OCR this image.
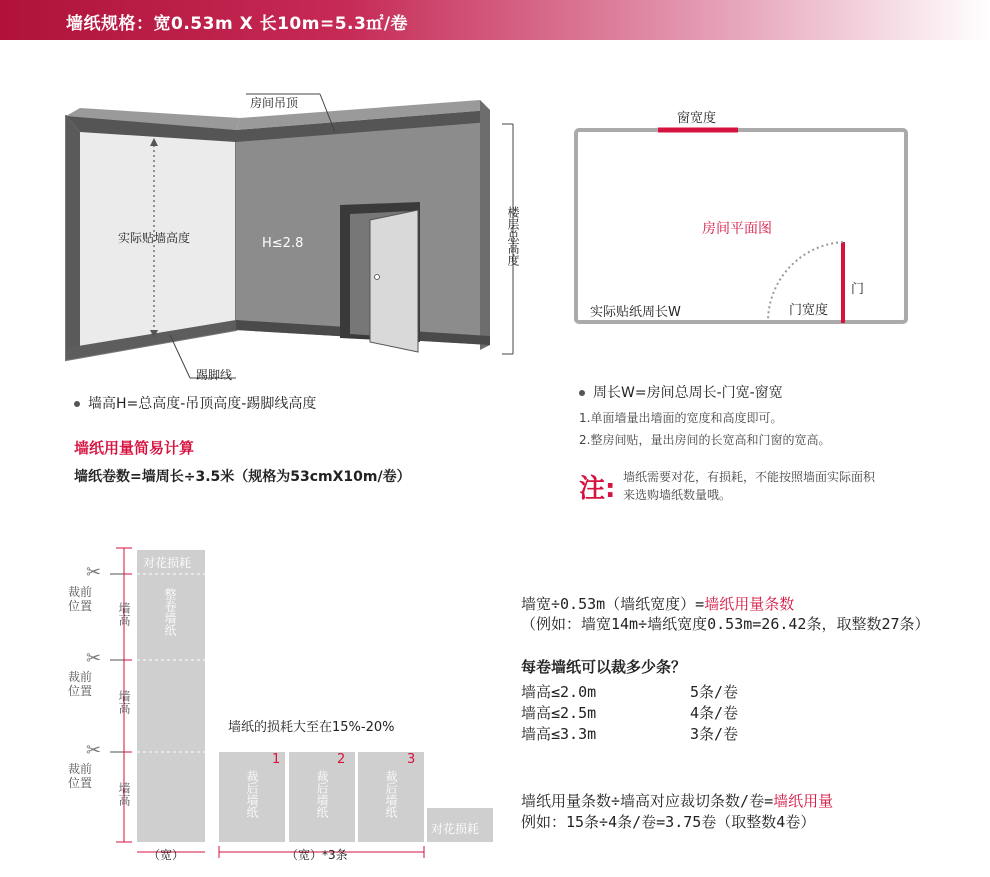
墙纸规格：宽0.53m X 长10m=5.3㎡/卷
房间吊顶
实际贴墙高度	H≤2.8	楼层总高度
踢脚线
墙高H=总高度-吊顶高度-踢脚线高度
窗宽度
房间平面图
门
门宽度
实际贴纸周长W
周长W=房间总周长-门宽-窗宽
1.单面墙量出墙面的宽度和高度即可。
2.整房间贴，量出房间的长宽高和门窗的宽高。
注: 墙纸需要对花，有损耗，不能按照墙面实际面积
来选购墙纸数量哦。
墙纸用量简易计算
墙纸卷数=墙周长÷3.5米（规格为53cmX10m/卷）
✂
✂
✂
裁前位置
裁前位置
裁前位置
墙高
墙高
墙高
对花损耗
整卷墙纸
墙纸的损耗大至在15%-20%
1	2	3
裁后墙纸	裁后墙纸	裁后墙纸
对花损耗
（宽）	（宽）*3条
墙宽÷0.53m（墙纸宽度）=墙纸用量条数
（例如：墙宽14m÷墙纸宽度0.53m=26.42条，取整数27条）
每卷墙纸可以裁多少条？
墙高≤2.0m	5条/卷
墙高≤2.5m	4条/卷
墙高≤3.3m	3条/卷
墙纸用量条数÷墙高对应裁切条数/卷=墙纸用量
例如：15条÷4条/卷=3.75卷（取整数4卷）
